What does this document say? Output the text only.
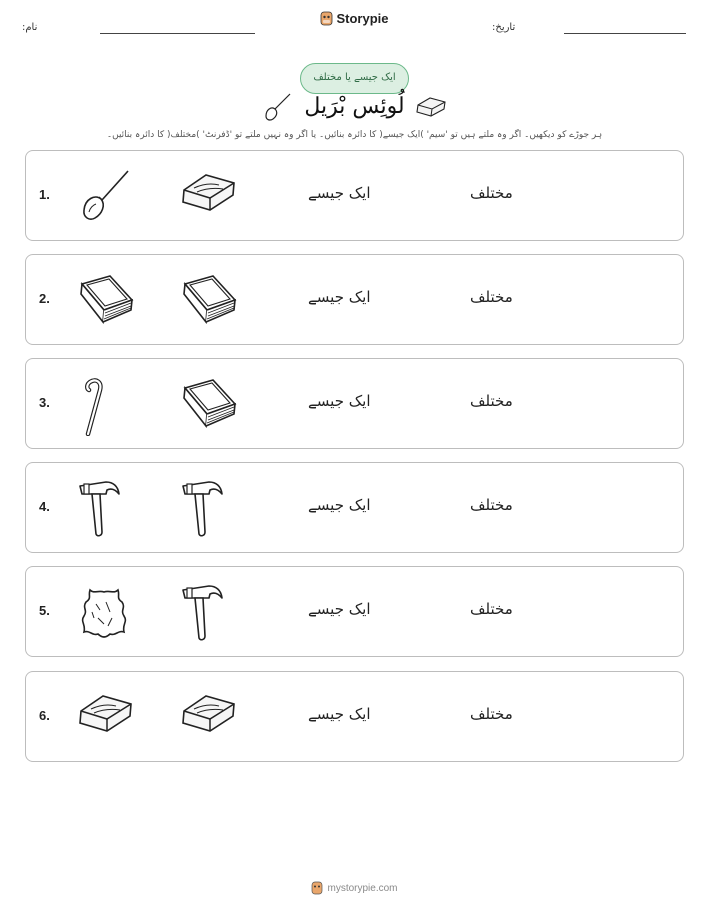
نام:
Storypie
تاریخ:
ایک جیسے یا مختلف
لُوئِس بْرَیل
ہر جوڑے کو دیکھیں۔ اگر وہ ملتے ہیں تو 'سیم' )ایک جیسے( کا دائرہ بنائیں۔ یا اگر وہ نہیں ملتے تو 'ڈفرنٹ' )مختلف( کا دائرہ بنائیں۔
1.	ایک جیسے	مختلف
2.	ایک جیسے	مختلف
3.	ایک جیسے	مختلف
4.	ایک جیسے	مختلف
5.	ایک جیسے	مختلف
6.	ایک جیسے	مختلف
mystorypie.com
